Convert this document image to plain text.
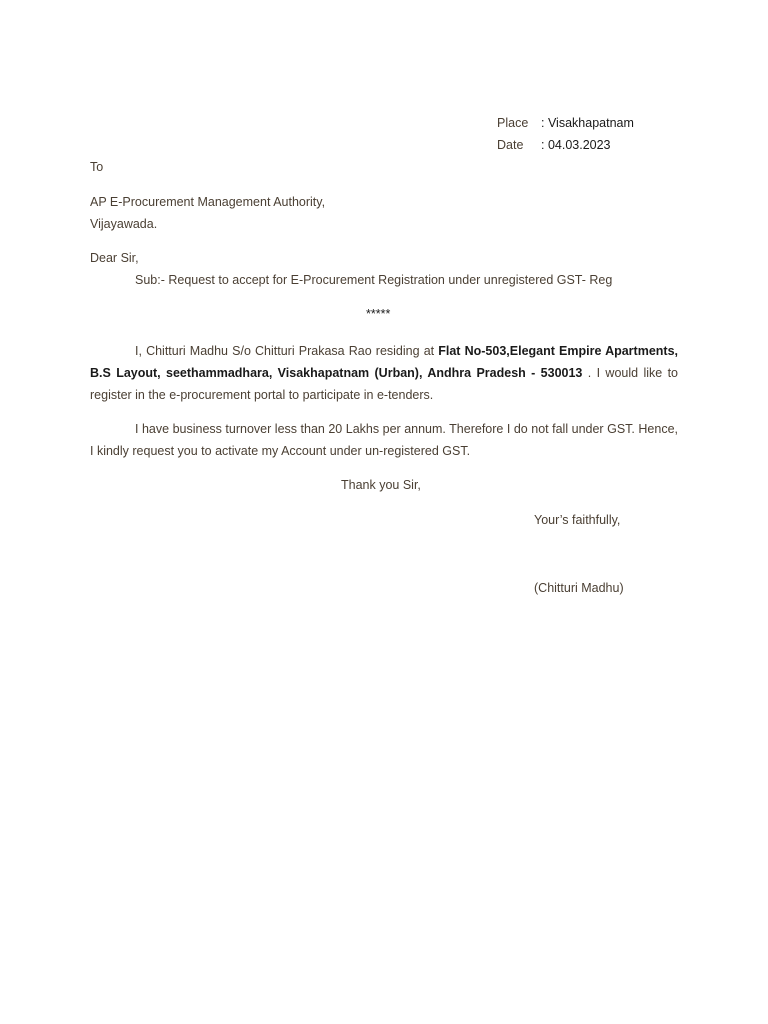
Place : Visakhapatnam
Date : 04.03.2023
To
AP E-Procurement Management Authority,
Vijayawada.
Dear Sir,
Sub:- Request to accept for E-Procurement Registration under unregistered GST- Reg
*****
I, Chitturi Madhu S/o Chitturi Prakasa Rao residing at Flat No-503,Elegant Empire Apartments, B.S Layout, seethammadhara, Visakhapatnam (Urban), Andhra Pradesh - 530013 . I would like to register in the e-procurement portal to participate in e-tenders.
I have business turnover less than 20 Lakhs per annum. Therefore I do not fall under GST. Hence, I kindly request you to activate my Account under un-registered GST.
Thank you Sir,
Your’s faithfully,
(Chitturi Madhu)
